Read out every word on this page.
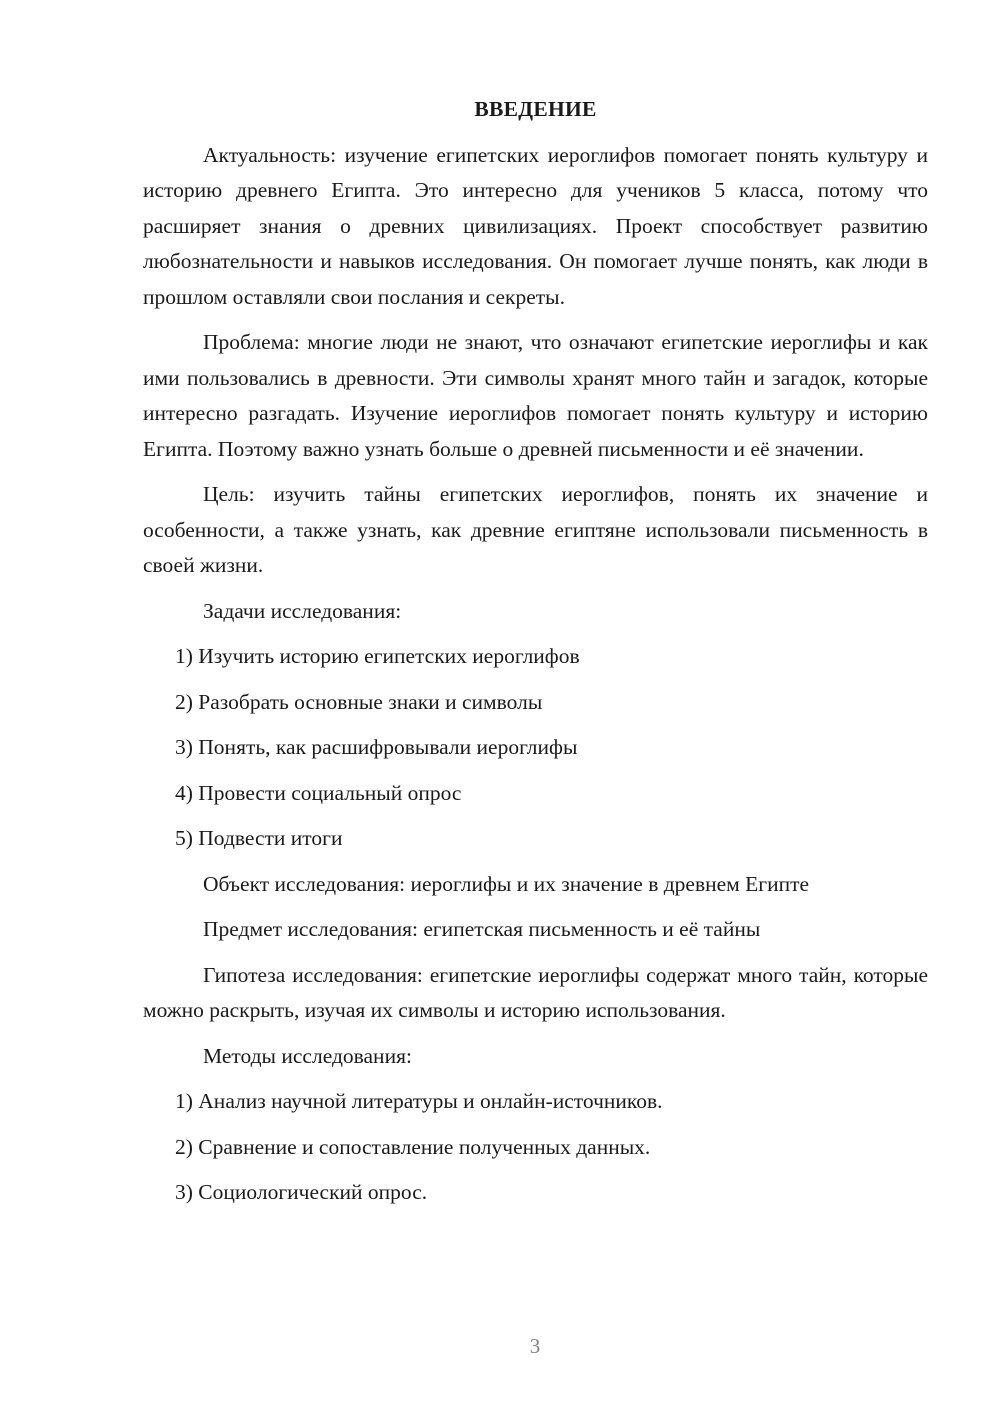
ВВЕДЕНИЕ
Актуальность: изучение египетских иероглифов помогает понять культуру и историю древнего Египта. Это интересно для учеников 5 класса, потому что расширяет знания о древних цивилизациях. Проект способствует развитию любознательности и навыков исследования. Он помогает лучше понять, как люди в прошлом оставляли свои послания и секреты.
Проблема: многие люди не знают, что означают египетские иероглифы и как ими пользовались в древности. Эти символы хранят много тайн и загадок, которые интересно разгадать. Изучение иероглифов помогает понять культуру и историю Египта. Поэтому важно узнать больше о древней письменности и её значении.
Цель: изучить тайны египетских иероглифов, понять их значение и особенности, а также узнать, как древние египтяне использовали письменность в своей жизни.
Задачи исследования:
1) Изучить историю египетских иероглифов
2) Разобрать основные знаки и символы
3) Понять, как расшифровывали иероглифы
4) Провести социальный опрос
5) Подвести итоги
Объект исследования: иероглифы и их значение в древнем Египте
Предмет исследования: египетская письменность и её тайны
Гипотеза исследования: египетские иероглифы содержат много тайн, которые можно раскрыть, изучая их символы и историю использования.
Методы исследования:
1) Анализ научной литературы и онлайн-источников.
2) Сравнение и сопоставление полученных данных.
3) Социологический опрос.
3
